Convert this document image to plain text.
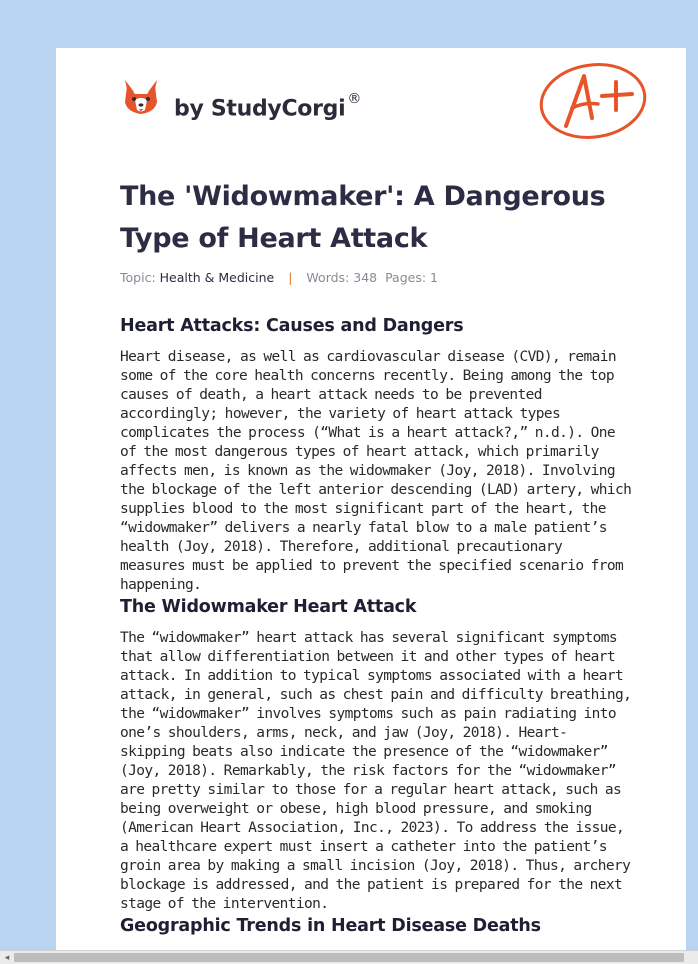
by StudyCorgi ®
The 'Widowmaker': A Dangerous Type of Heart Attack
Topic: Health & Medicine | Words: 348 Pages: 1
Heart Attacks: Causes and Dangers

Heart disease, as well as cardiovascular disease (CVD), remain some of the core health concerns recently. Being among the top causes of death, a heart attack needs to be prevented accordingly; however, the variety of heart attack types complicates the process (“What is a heart attack?,” n.d.). One of the most dangerous types of heart attack, which primarily affects men, is known as the widowmaker (Joy, 2018). Involving the blockage of the left anterior descending (LAD) artery, which supplies blood to the most significant part of the heart, the “widowmaker” delivers a nearly fatal blow to a male patient’s health (Joy, 2018). Therefore, additional precautionary measures must be applied to prevent the specified scenario from happening.

The Widowmaker Heart Attack

The “widowmaker” heart attack has several significant symptoms that allow differentiation between it and other types of heart attack. In addition to typical symptoms associated with a heart attack, in general, such as chest pain and difficulty breathing, the “widowmaker” involves symptoms such as pain radiating into one’s shoulders, arms, neck, and jaw (Joy, 2018). Heart-skipping beats also indicate the presence of the “widowmaker” (Joy, 2018). Remarkably, the risk factors for the “widowmaker” are pretty similar to those for a regular heart attack, such as being overweight or obese, high blood pressure, and smoking (American Heart Association, Inc., 2023). To address the issue, a healthcare expert must insert a catheter into the patient’s groin area by making a small incision (Joy, 2018). Thus, archery blockage is addressed, and the patient is prepared for the next stage of the intervention.

Geographic Trends in Heart Disease Deaths
◂
